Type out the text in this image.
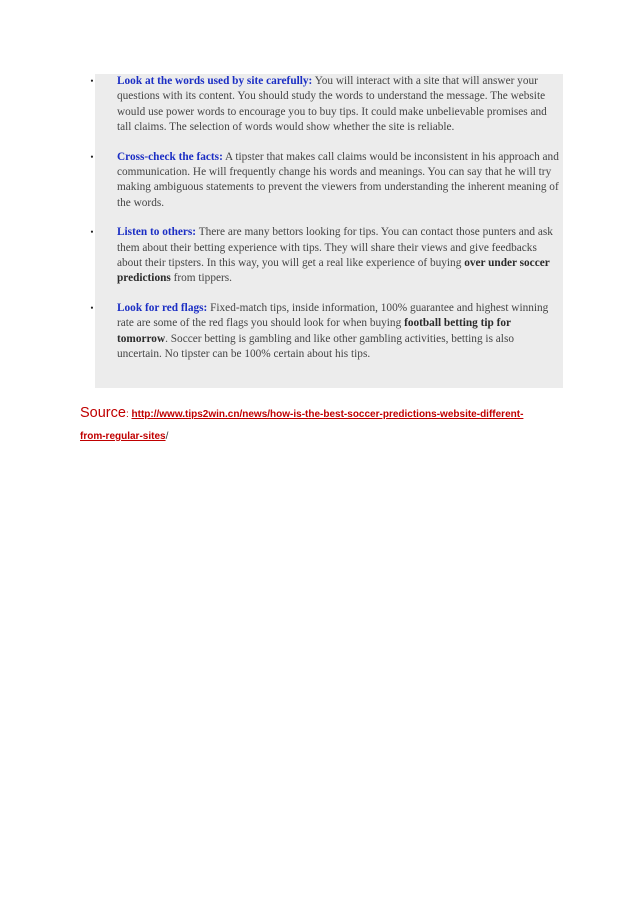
•	Look at the words used by site carefully: You will interact with a site that will answer your questions with its content. You should study the words to understand the message. The website would use power words to encourage you to buy tips. It could make unbelievable promises and tall claims. The selection of words would show whether the site is reliable.
•	Cross-check the facts: A tipster that makes call claims would be inconsistent in his approach and communication. He will frequently change his words and meanings. You can say that he will try making ambiguous statements to prevent the viewers from understanding the inherent meaning of the words.
•	Listen to others: There are many bettors looking for tips. You can contact those punters and ask them about their betting experience with tips. They will share their views and give feedbacks about their tipsters. In this way, you will get a real like experience of buying over under soccer predictions from tippers.
•	Look for red flags: Fixed-match tips, inside information, 100% guarantee and highest winning rate are some of the red flags you should look for when buying football betting tip for tomorrow. Soccer betting is gambling and like other gambling activities, betting is also uncertain. No tipster can be 100% certain about his tips.
Source: http://www.tips2win.cn/news/how-is-the-best-soccer-predictions-website-different-
from-regular-sites/
